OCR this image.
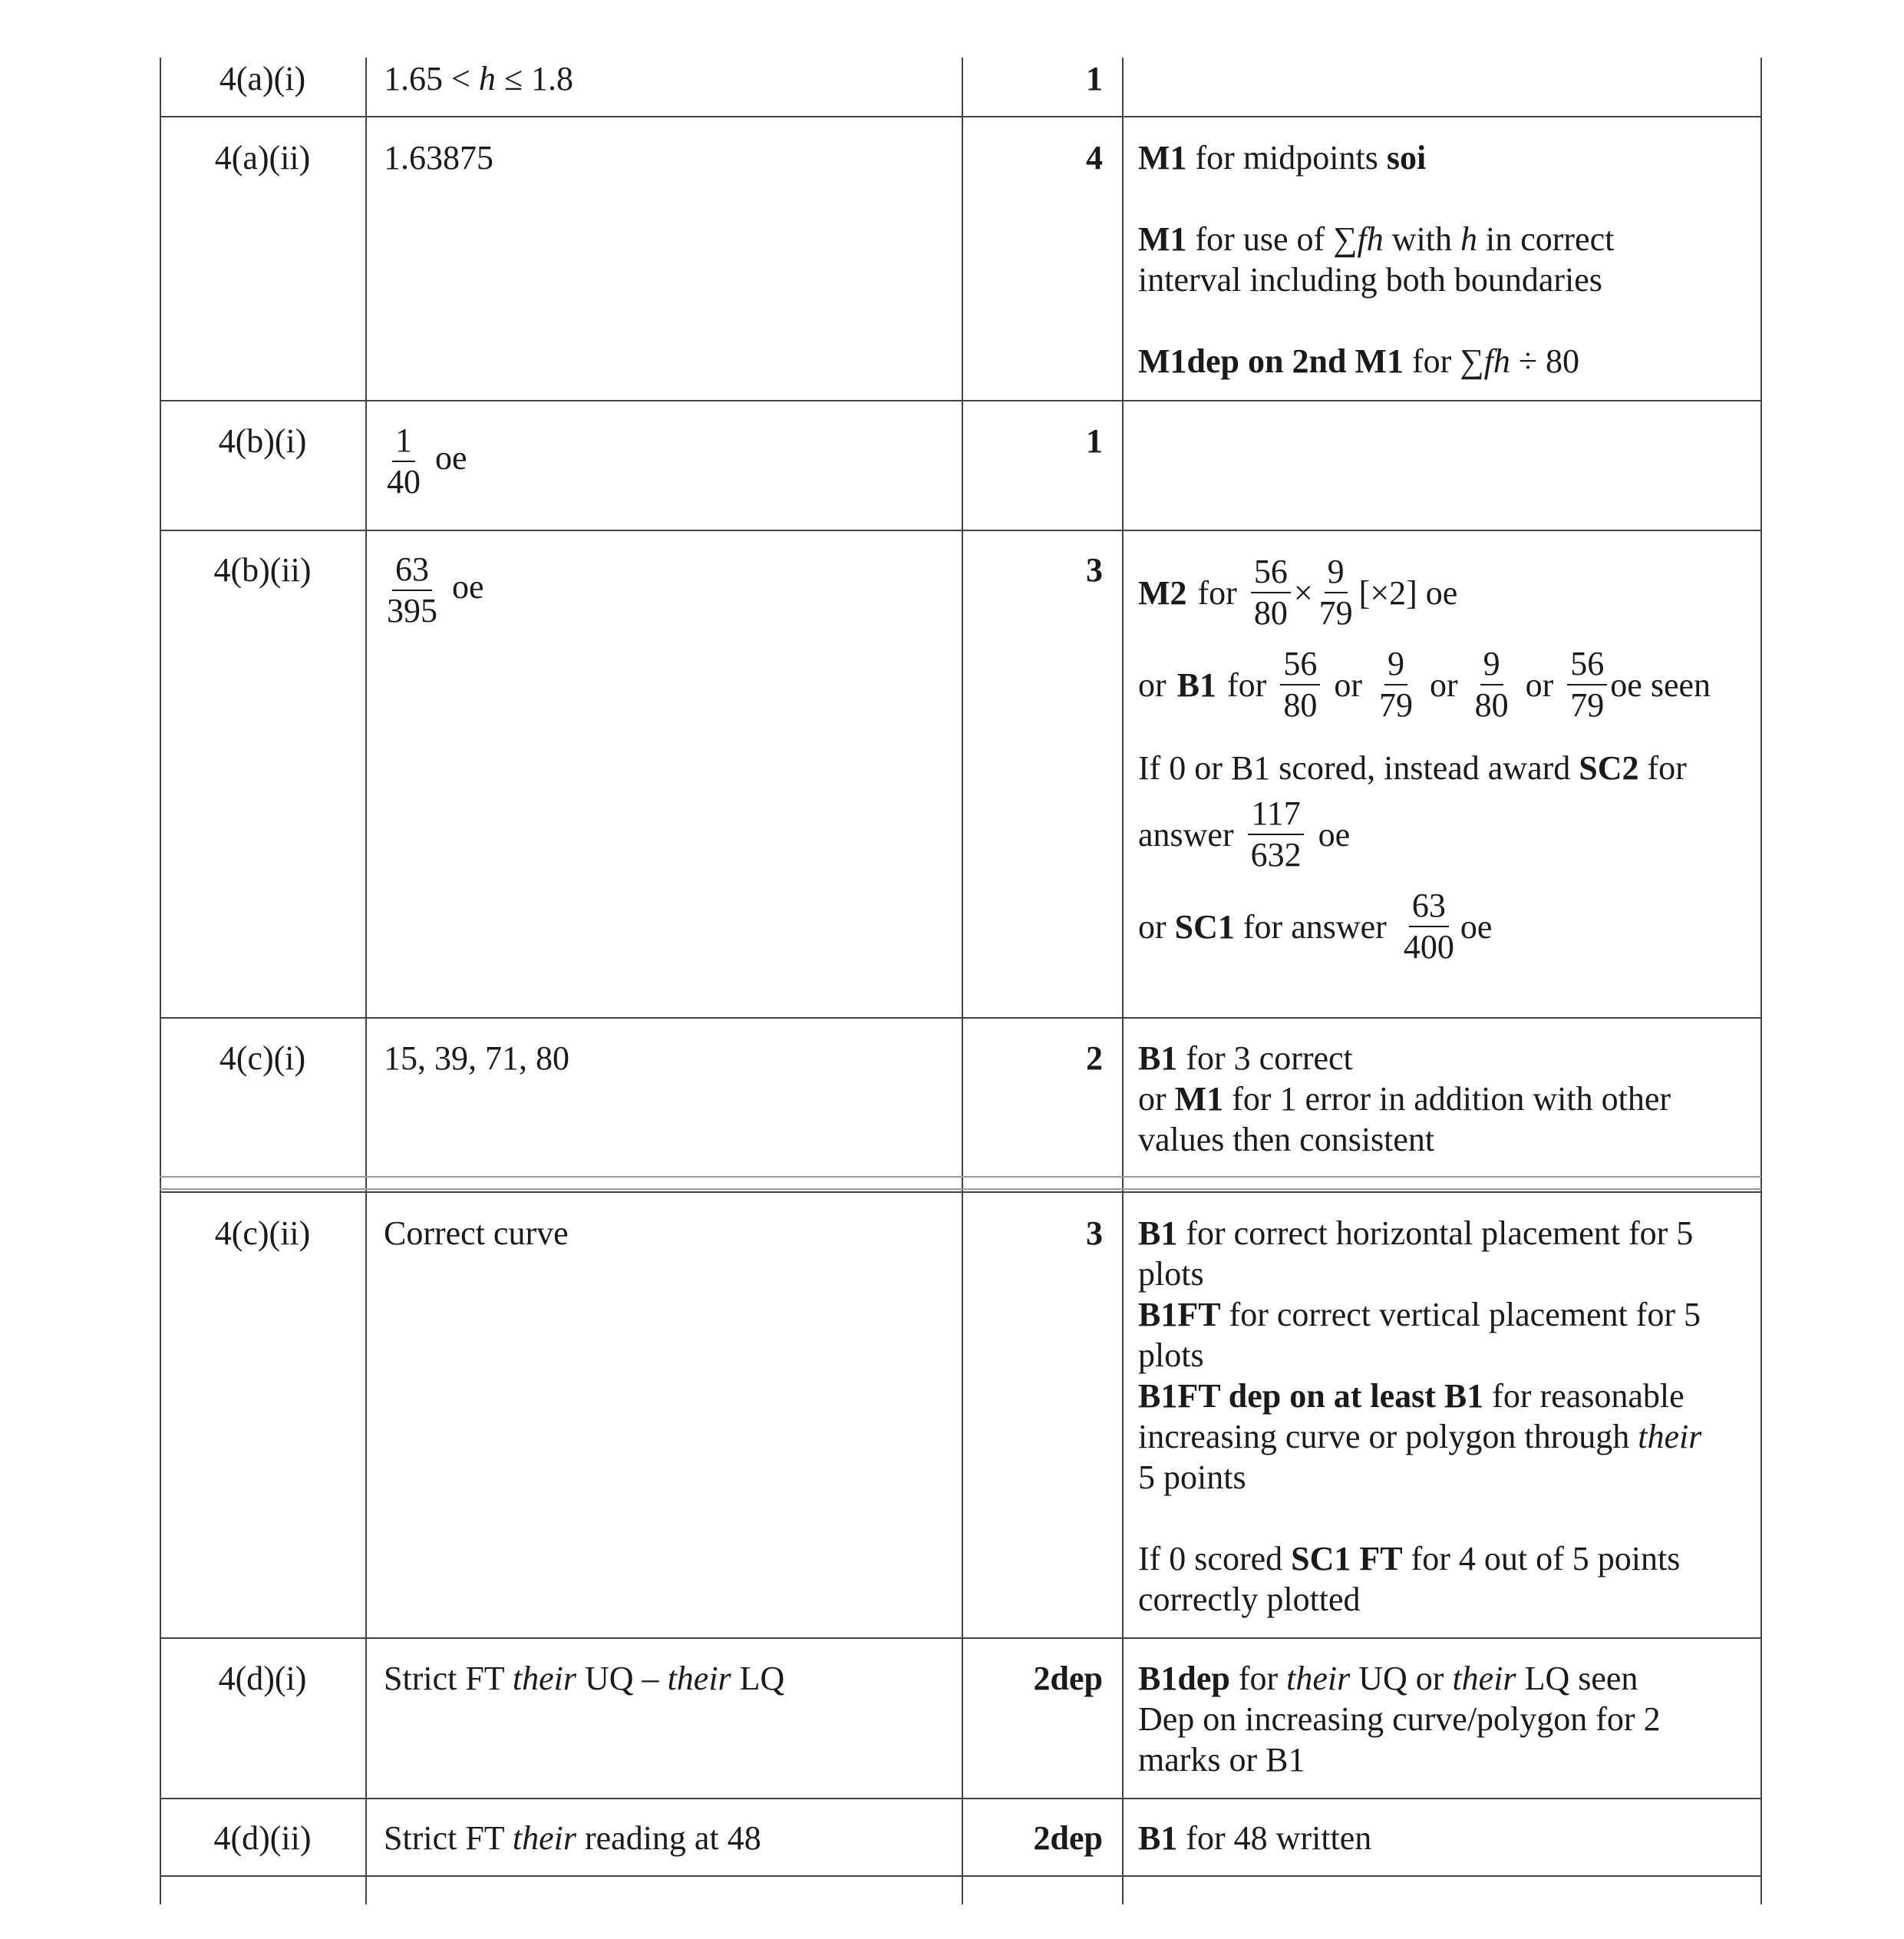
4(a)(i)	1.65 < h ≤ 1.8	1
4(a)(ii)	1.63875	4 M1 for midpoints soi
M1 for use of ∑fh with h in correct
interval including both boundaries
M1dep on 2nd M1 for ∑fh ÷ 80
4(b)(i)	$\frac{1}{40}$ oe	1
4(b)(ii)	$\frac{63}{395}$ oe	3
M2 for $\frac{56}{80} \times \frac{9}{79} [\times 2]$ oe
or B1 for $\frac{56}{80}$ or $\frac{9}{79}$ or $\frac{9}{80}$ or $\frac{56}{79}$ oe seen
If 0 or B1 scored, instead award SC2 for
answer $\frac{117}{632}$ oe
or SC1 for answer $\frac{63}{400}$ oe
4(c)(i)	15, 39, 71, 80	2 B1 for 3 correct
or M1 for 1 error in addition with other
values then consistent
4(c)(ii)	Correct curve	3 B1 for correct horizontal placement for 5
plots
B1FT for correct vertical placement for 5
plots
B1FT dep on at least B1 for reasonable
increasing curve or polygon through their
5 points
If 0 scored SC1 FT for 4 out of 5 points
correctly plotted
4(d)(i)	Strict FT their UQ – their LQ	2dep B1dep for their UQ or their LQ seen
Dep on increasing curve/polygon for 2
marks or B1
4(d)(ii)	Strict FT their reading at 48	2dep B1 for 48 written
